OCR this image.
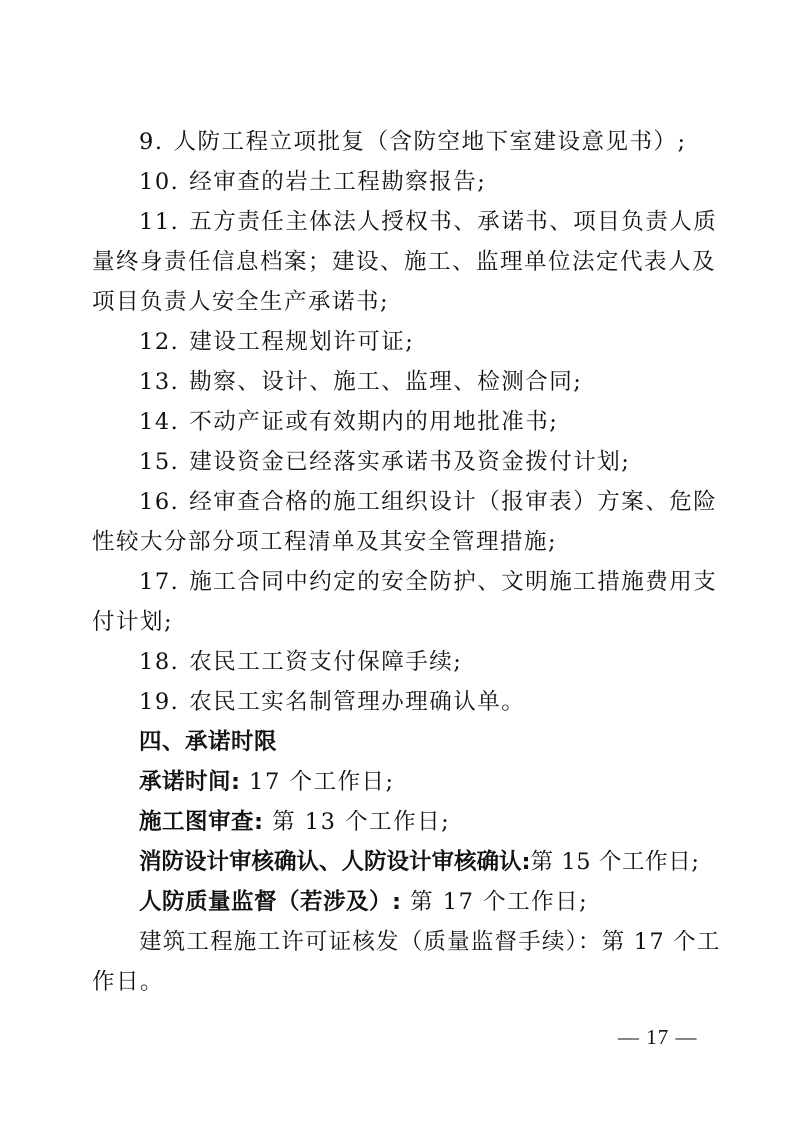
9. 人防工程立项批复（含防空地下室建设意见书）;
10. 经审查的岩土工程勘察报告;
11. 五方责任主体法人授权书、承诺书、项目负责人质
量终身责任信息档案；建设、施工、监理单位法定代表人及
项目负责人安全生产承诺书;
12. 建设工程规划许可证;
13. 勘察、设计、施工、监理、检测合同;
14. 不动产证或有效期内的用地批准书;
15. 建设资金已经落实承诺书及资金拨付计划;
16. 经审查合格的施工组织设计（报审表）方案、危险
性较大分部分项工程清单及其安全管理措施;
17. 施工合同中约定的安全防护、文明施工措施费用支
付计划;
18. 农民工工资支付保障手续;
19. 农民工实名制管理办理确认单。
四、承诺时限
承诺时间: 17 个工作日;
施工图审查: 第 13 个工作日;
消防设计审核确认、人防设计审核确认:第 15 个工作日;
人防质量监督（若涉及）: 第 17 个工作日;
建筑工程施工许可证核发（质量监督手续）：第 17 个工
作日。
— 17 —
